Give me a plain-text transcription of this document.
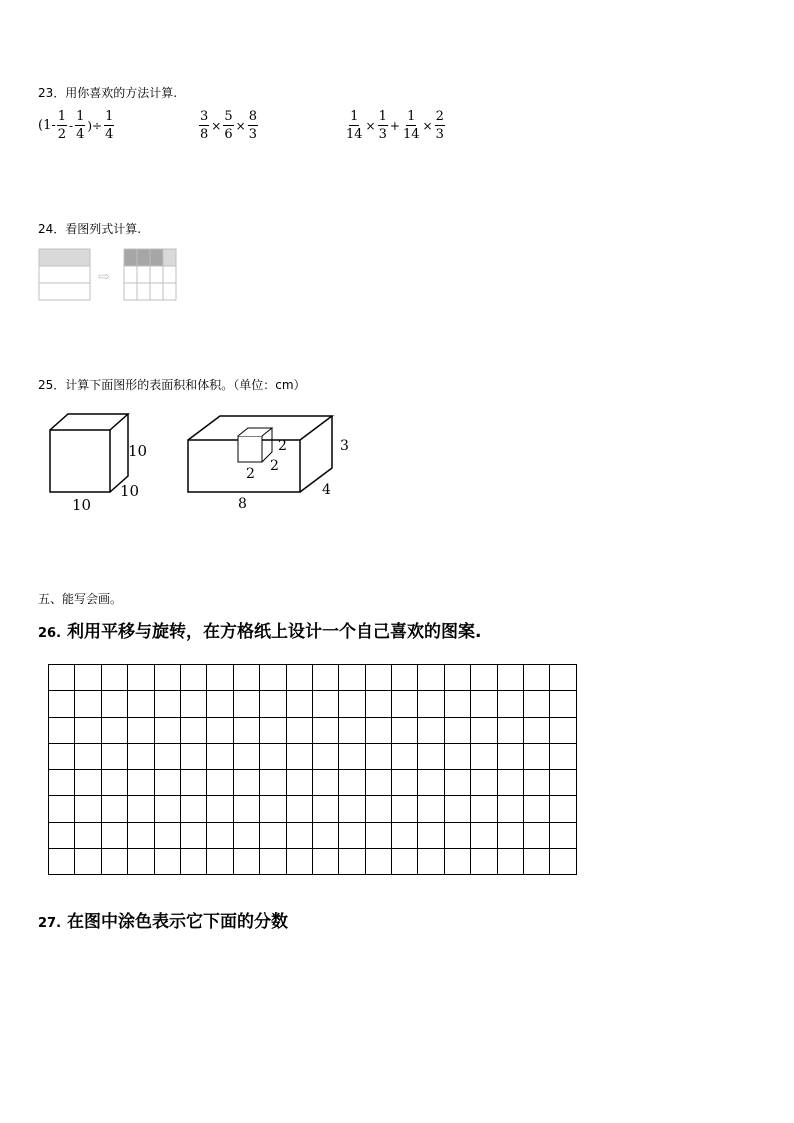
23．用你喜欢的方法计算.
($1- \frac{1}{2} - \frac{1}{4}$ )÷ $\frac{1}{4}$	$\frac{3}{8} \times \frac{5}{6} \times \frac{8}{3}$	$\frac{1}{14} \times \frac{1}{3} + \frac{1}{14} \times \frac{2}{3}$
24．看图列式计算.
⇨
25．计算下面图形的表面积和体积。（单位：cm）
10
10
10
2
2
2
3
4
8
五、能写会画。
26. 利用平移与旋转，在方格纸上设计一个自己喜欢的图案.

27. 在图中涂色表示它下面的分数
